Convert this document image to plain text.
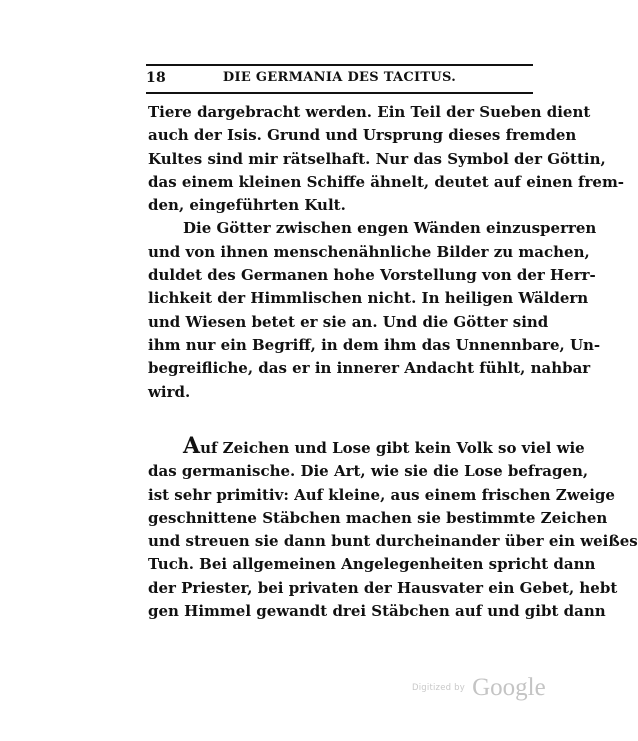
18	DIE GERMANIA DES TACITUS.
Tiere dargebracht werden. Ein Teil der Sueben dient
auch der Isis. Grund und Ursprung dieses fremden
Kultes sind mir rätselhaft. Nur das Symbol der Göttin,
das einem kleinen Schiffe ähnelt, deutet auf einen frem-
den, eingeführten Kult.
Die Götter zwischen engen Wänden einzusperren
und von ihnen menschenähnliche Bilder zu machen,
duldet des Germanen hohe Vorstellung von der Herr-
lichkeit der Himmlischen nicht. In heiligen Wäldern
und Wiesen betet er sie an. Und die Götter sind
ihm nur ein Begriff, in dem ihm das Unnennbare, Un-
begreifliche, das er in innerer Andacht fühlt, nahbar
wird.
Auf Zeichen und Lose gibt kein Volk so viel wie
das germanische. Die Art, wie sie die Lose befragen,
ist sehr primitiv: Auf kleine, aus einem frischen Zweige
geschnittene Stäbchen machen sie bestimmte Zeichen
und streuen sie dann bunt durcheinander über ein weißes
Tuch. Bei allgemeinen Angelegenheiten spricht dann
der Priester, bei privaten der Hausvater ein Gebet, hebt
gen Himmel gewandt drei Stäbchen auf und gibt dann
Digitized by Google
